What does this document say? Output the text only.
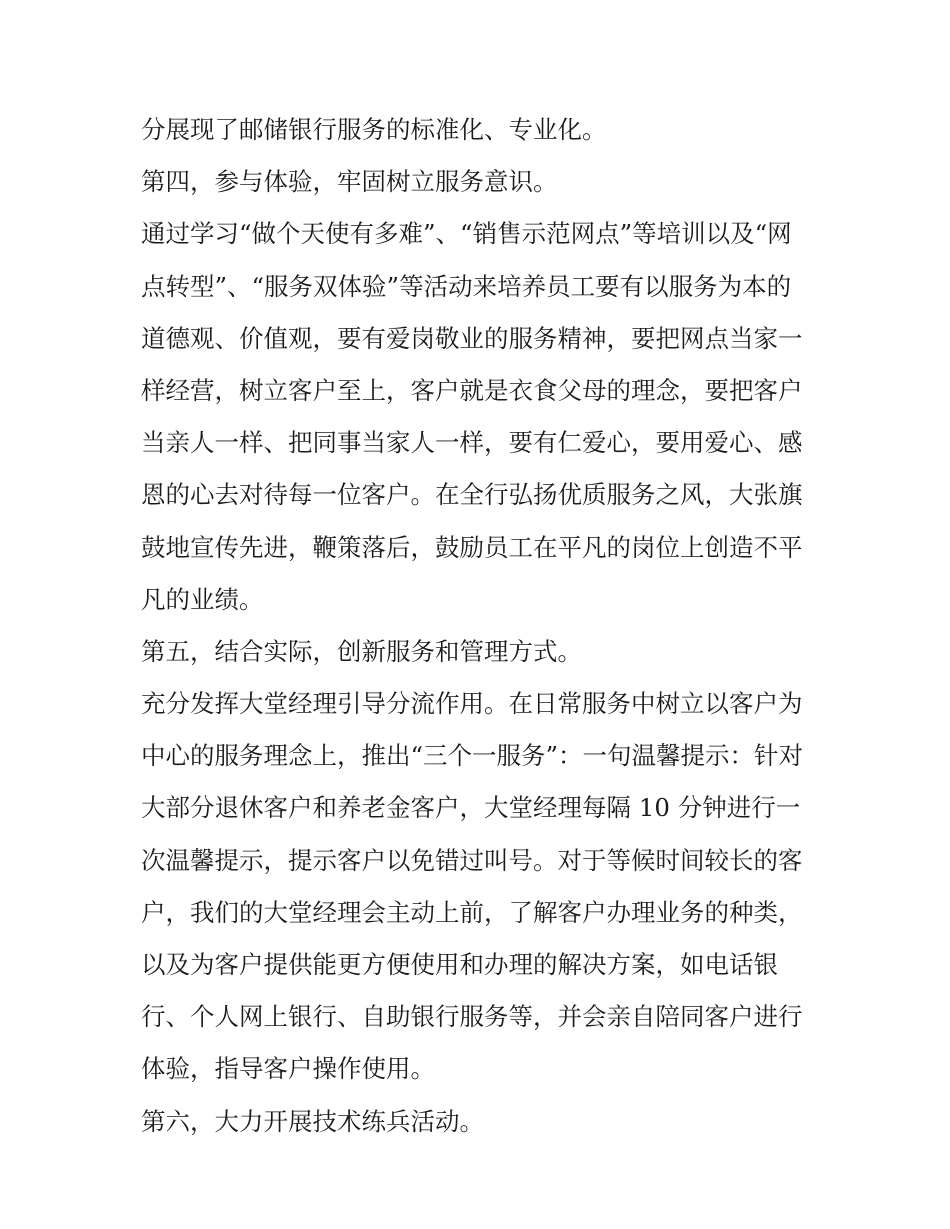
分展现了邮储银行服务的标准化、专业化。
第四，参与体验，牢固树立服务意识。
通过学习“做个天使有多难”、“销售示范网点”等培训以及“网
点转型”、“服务双体验”等活动来培养员工要有以服务为本的
道德观、价值观，要有爱岗敬业的服务精神，要把网点当家一
样经营，树立客户至上，客户就是衣食父母的理念，要把客户
当亲人一样、把同事当家人一样，要有仁爱心，要用爱心、感
恩的心去对待每一位客户。在全行弘扬优质服务之风，大张旗
鼓地宣传先进，鞭策落后，鼓励员工在平凡的岗位上创造不平
凡的业绩。
第五，结合实际，创新服务和管理方式。
充分发挥大堂经理引导分流作用。在日常服务中树立以客户为
中心的服务理念上，推出“三个一服务”：一句温馨提示：针对
大部分退休客户和养老金客户，大堂经理每隔 10 分钟进行一
次温馨提示，提示客户以免错过叫号。对于等候时间较长的客
户，我们的大堂经理会主动上前，了解客户办理业务的种类，
以及为客户提供能更方便使用和办理的解决方案，如电话银
行、个人网上银行、自助银行服务等，并会亲自陪同客户进行
体验，指导客户操作使用。
第六，大力开展技术练兵活动。
